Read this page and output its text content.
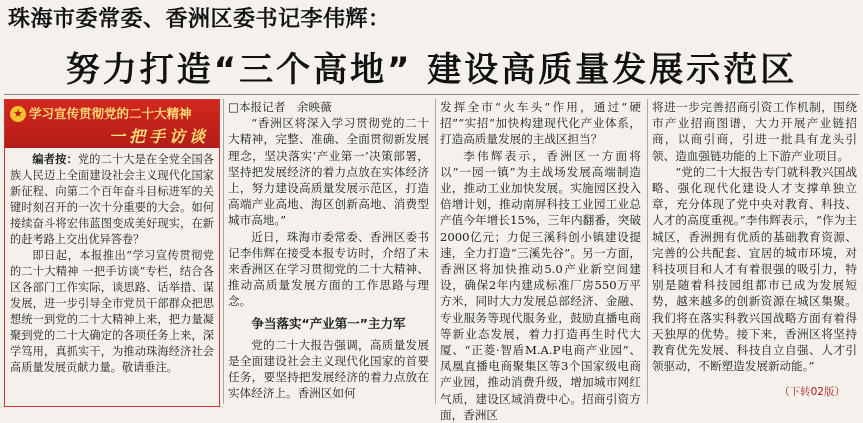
珠海市委常委、香洲区委书记李伟辉：
努力打造“三个高地” 建设高质量发展示范区
★ 学习宣传贯彻党的二十大精神
一把手访谈

编者按：党的二十大是在全党全国各族人民迈上全面建设社会主义现代化国家新征程、向第二个百年奋斗目标进军的关键时刻召开的一次十分重要的大会。如何接续奋斗将宏伟蓝图变成美好现实，在新的赶考路上交出优异答卷？

即日起，本报推出“学习宣传贯彻党的二十大精神 一把手访谈”专栏，结合各区各部门工作实际，谈思路、话举措、谋发展，进一步引导全市党员干部群众把思想统一到党的二十大精神上来，把力量凝聚到党的二十大确定的各项任务上来，深学笃用，真抓实干，为推动珠海经济社会高质量发展贡献力量。敬请垂注。

□本报记者　余映薇

“香洲区将深入学习贯彻党的二十大精神，完整、准确、全面贯彻新发展理念，坚决落实‘产业第一’决策部署，坚持把发展经济的着力点放在实体经济上，努力建设高质量发展示范区，打造高端产业高地、海区创新高地、消费型城市高地。”

近日，珠海市委常委、香洲区委书记李伟辉在接受本报专访时，介绍了未来香洲区在学习贯彻党的二十大精神、推动高质量发展方面的工作思路与理念。

争当落实“产业第一”主力军

党的二十大报告强调，高质量发展是全面建设社会主义现代化国家的首要任务，要坚持把发展经济的着力点放在实体经济上。香洲区如何

发挥全市“火车头”作用，通过“硬招”“实招”加快构建现代化产业体系，打造高质量发展的主战区担当？

李伟辉表示，香洲区一方面将以“一园一镇”为主战场发展高端制造业，推动工业加快发展。实施园区投入倍增计划，推动南屏科技工业园工业总产值今年增长15%，三年内翻番，突破2000亿元；力促三溪科创小镇建设提速，全力打造“三溪先谷”。另一方面，香洲区将加快推动5.0产业新空间建设，确保2年内建成标准厂房550万平方米，同时大力发展总部经济、金融、专业服务等现代服务业，鼓励直播电商等新业态发展，着力打造再生时代大厦、“正菱·智盾M.A.P电商产业园”、凤凰直播电商聚集区等3个国家级电商产业园，推动消费升级，增加城市网红气质，建设区域消费中心。招商引资方面，香洲区

将进一步完善招商引资工作机制，围绕市产业招商图谱，大力开展产业链招商，以商引商，引进一批具有龙头引领、造血强链功能的上下游产业项目。

“党的二十大报告专门就科教兴国战略、强化现代化建设人才支撑单独立章，充分体现了党中央对教育、科技、人才的高度重视。”李伟辉表示，“作为主城区，香洲拥有优质的基础教育资源、完善的公共配套、宜居的城市环境，对科技项目和人才有着很强的吸引力，特别是随着科技园组都市已成为发展短势，越来越多的创新资源在城区集聚。我们将在落实科教兴国战略方面有着得天独厚的优势。接下来，香洲区将坚持教育优先发展、科技自立自强、人才引领驱动，不断塑造发展新动能。”

（下转02版）
